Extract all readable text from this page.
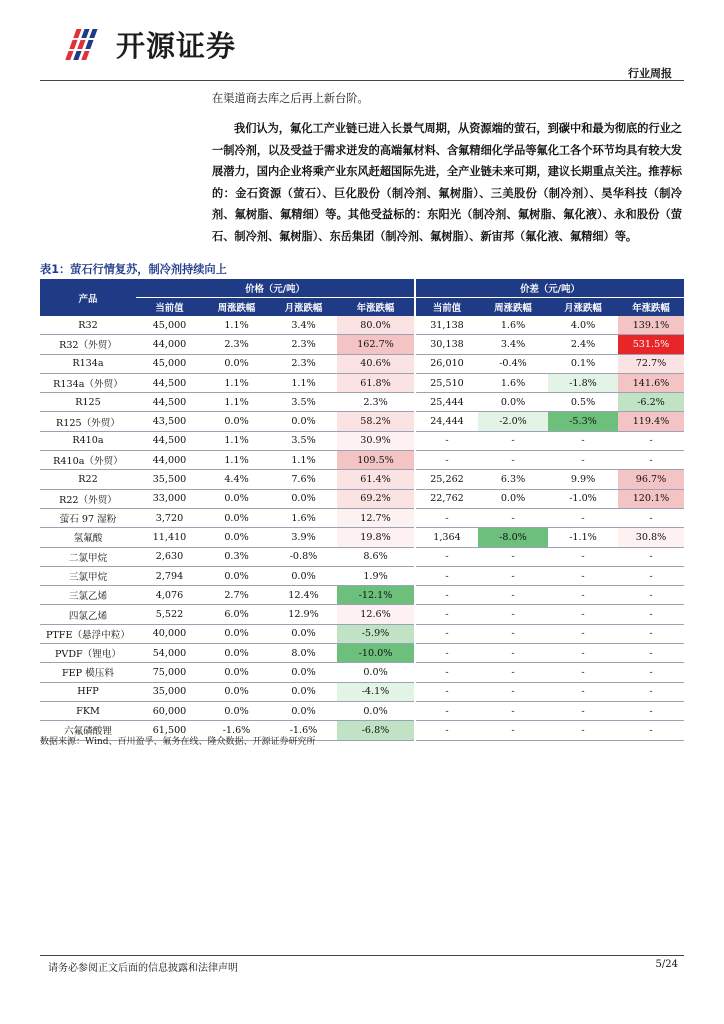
开源证券
行业周报
在渠道商去库之后再上新台阶。
我们认为，氟化工产业链已进入长景气周期，从资源端的萤石，到碳中和最为彻底的行业之一制冷剂，以及受益于需求迸发的高端氟材料、含氟精细化学品等氟化工各个环节均具有较大发展潜力，国内企业将乘产业东风赶超国际先进，全产业链未来可期，建议长期重点关注。推荐标的：金石资源（萤石）、巨化股份（制冷剂、氟树脂）、三美股份（制冷剂）、昊华科技（制冷剂、氟树脂、氟精细）等。其他受益标的：东阳光（制冷剂、氟树脂、氟化液）、永和股份（萤石、制冷剂、氟树脂）、东岳集团（制冷剂、氟树脂）、新宙邦（氟化液、氟精细）等。
表1：萤石行情复苏，制冷剂持续向上
产品	价格（元/吨）				价差（元/吨）			
	当前值	周涨跌幅	月涨跌幅	年涨跌幅	当前值	周涨跌幅	月涨跌幅	年涨跌幅
R32	45,000	1.1%	3.4%	80.0%	31,138	1.6%	4.0%	139.1%
R32（外贸）	44,000	2.3%	2.3%	162.7%	30,138	3.4%	2.4%	531.5%
R134a	45,000	0.0%	2.3%	40.6%	26,010	-0.4%	0.1%	72.7%
R134a（外贸）	44,500	1.1%	1.1%	61.8%	25,510	1.6%	-1.8%	141.6%
R125	44,500	1.1%	3.5%	2.3%	25,444	0.0%	0.5%	-6.2%
R125（外贸）	43,500	0.0%	0.0%	58.2%	24,444	-2.0%	-5.3%	119.4%
R410a	44,500	1.1%	3.5%	30.9%	-	-	-	-
R410a（外贸）	44,000	1.1%	1.1%	109.5%	-	-	-	-
R22	35,500	4.4%	7.6%	61.4%	25,262	6.3%	9.9%	96.7%
R22（外贸）	33,000	0.0%	0.0%	69.2%	22,762	0.0%	-1.0%	120.1%
萤石 97 湿粉	3,720	0.0%	1.6%	12.7%	-	-	-	-
氢氟酸	11,410	0.0%	3.9%	19.8%	1,364	-8.0%	-1.1%	30.8%
二氯甲烷	2,630	0.3%	-0.8%	8.6%	-	-	-	-
三氯甲烷	2,794	0.0%	0.0%	1.9%	-	-	-	-
三氯乙烯	4,076	2.7%	12.4%	-12.1%	-	-	-	-
四氯乙烯	5,522	6.0%	12.9%	12.6%	-	-	-	-
PTFE（悬浮中粒）	40,000	0.0%	0.0%	-5.9%	-	-	-	-
PVDF（锂电）	54,000	0.0%	8.0%	-10.0%	-	-	-	-
FEP 模压料	75,000	0.0%	0.0%	0.0%	-	-	-	-
HFP	35,000	0.0%	0.0%	-4.1%	-	-	-	-
FKM	60,000	0.0%	0.0%	0.0%	-	-	-	-
六氟磷酸锂	61,500	-1.6%	-1.6%	-6.8%	-	-	-	-
数据来源：Wind、百川盈孚、氟务在线、隆众数据、开源证券研究所
请务必参阅正文后面的信息披露和法律声明	5/24
